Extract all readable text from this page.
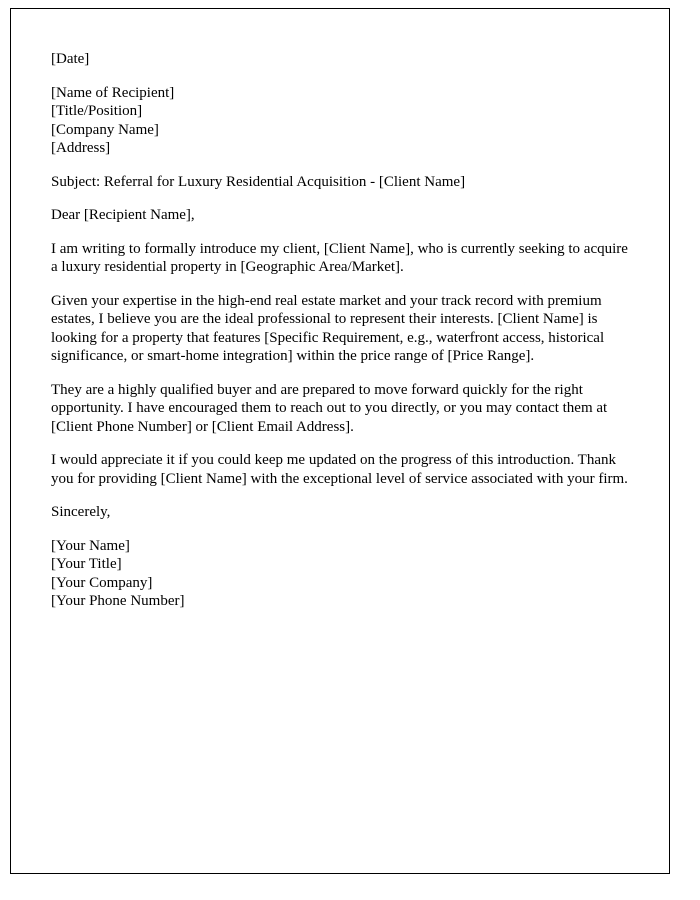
[Date]

[Name of Recipient]

[Title/Position]

[Company Name]

[Address]

Subject: Referral for Luxury Residential Acquisition - [Client Name]

Dear [Recipient Name],

I am writing to formally introduce my client, [Client Name], who is currently seeking to acquire a luxury residential property in [Geographic Area/Market].

Given your expertise in the high-end real estate market and your track record with premium estates, I believe you are the ideal professional to represent their interests. [Client Name] is looking for a property that features [Specific Requirement, e.g., waterfront access, historical significance, or smart-home integration] within the price range of [Price Range].

They are a highly qualified buyer and are prepared to move forward quickly for the right opportunity. I have encouraged them to reach out to you directly, or you may contact them at [Client Phone Number] or [Client Email Address].

I would appreciate it if you could keep me updated on the progress of this introduction. Thank you for providing [Client Name] with the exceptional level of service associated with your firm.

Sincerely,

[Your Name]

[Your Title]

[Your Company]

[Your Phone Number]
